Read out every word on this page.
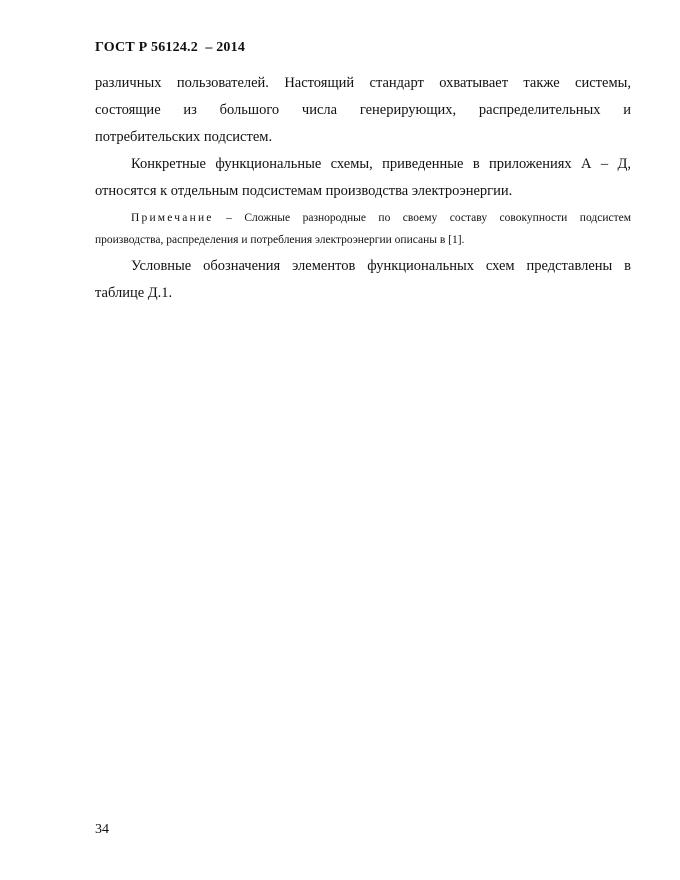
ГОСТ Р 56124.2  – 2014
различных пользователей. Настоящий стандарт охватывает также системы,
состоящие из большого числа генерирующих, распределительных и
потребительских подсистем.
Конкретные функциональные схемы, приведенные в приложениях А – Д,
относятся к отдельным подсистемам производства электроэнергии.
Примечание – Сложные разнородные по своему составу совокупности подсистем
производства, распределения и потребления электроэнергии описаны в [1].
Условные обозначения элементов функциональных схем представлены в
таблице Д.1.
34
